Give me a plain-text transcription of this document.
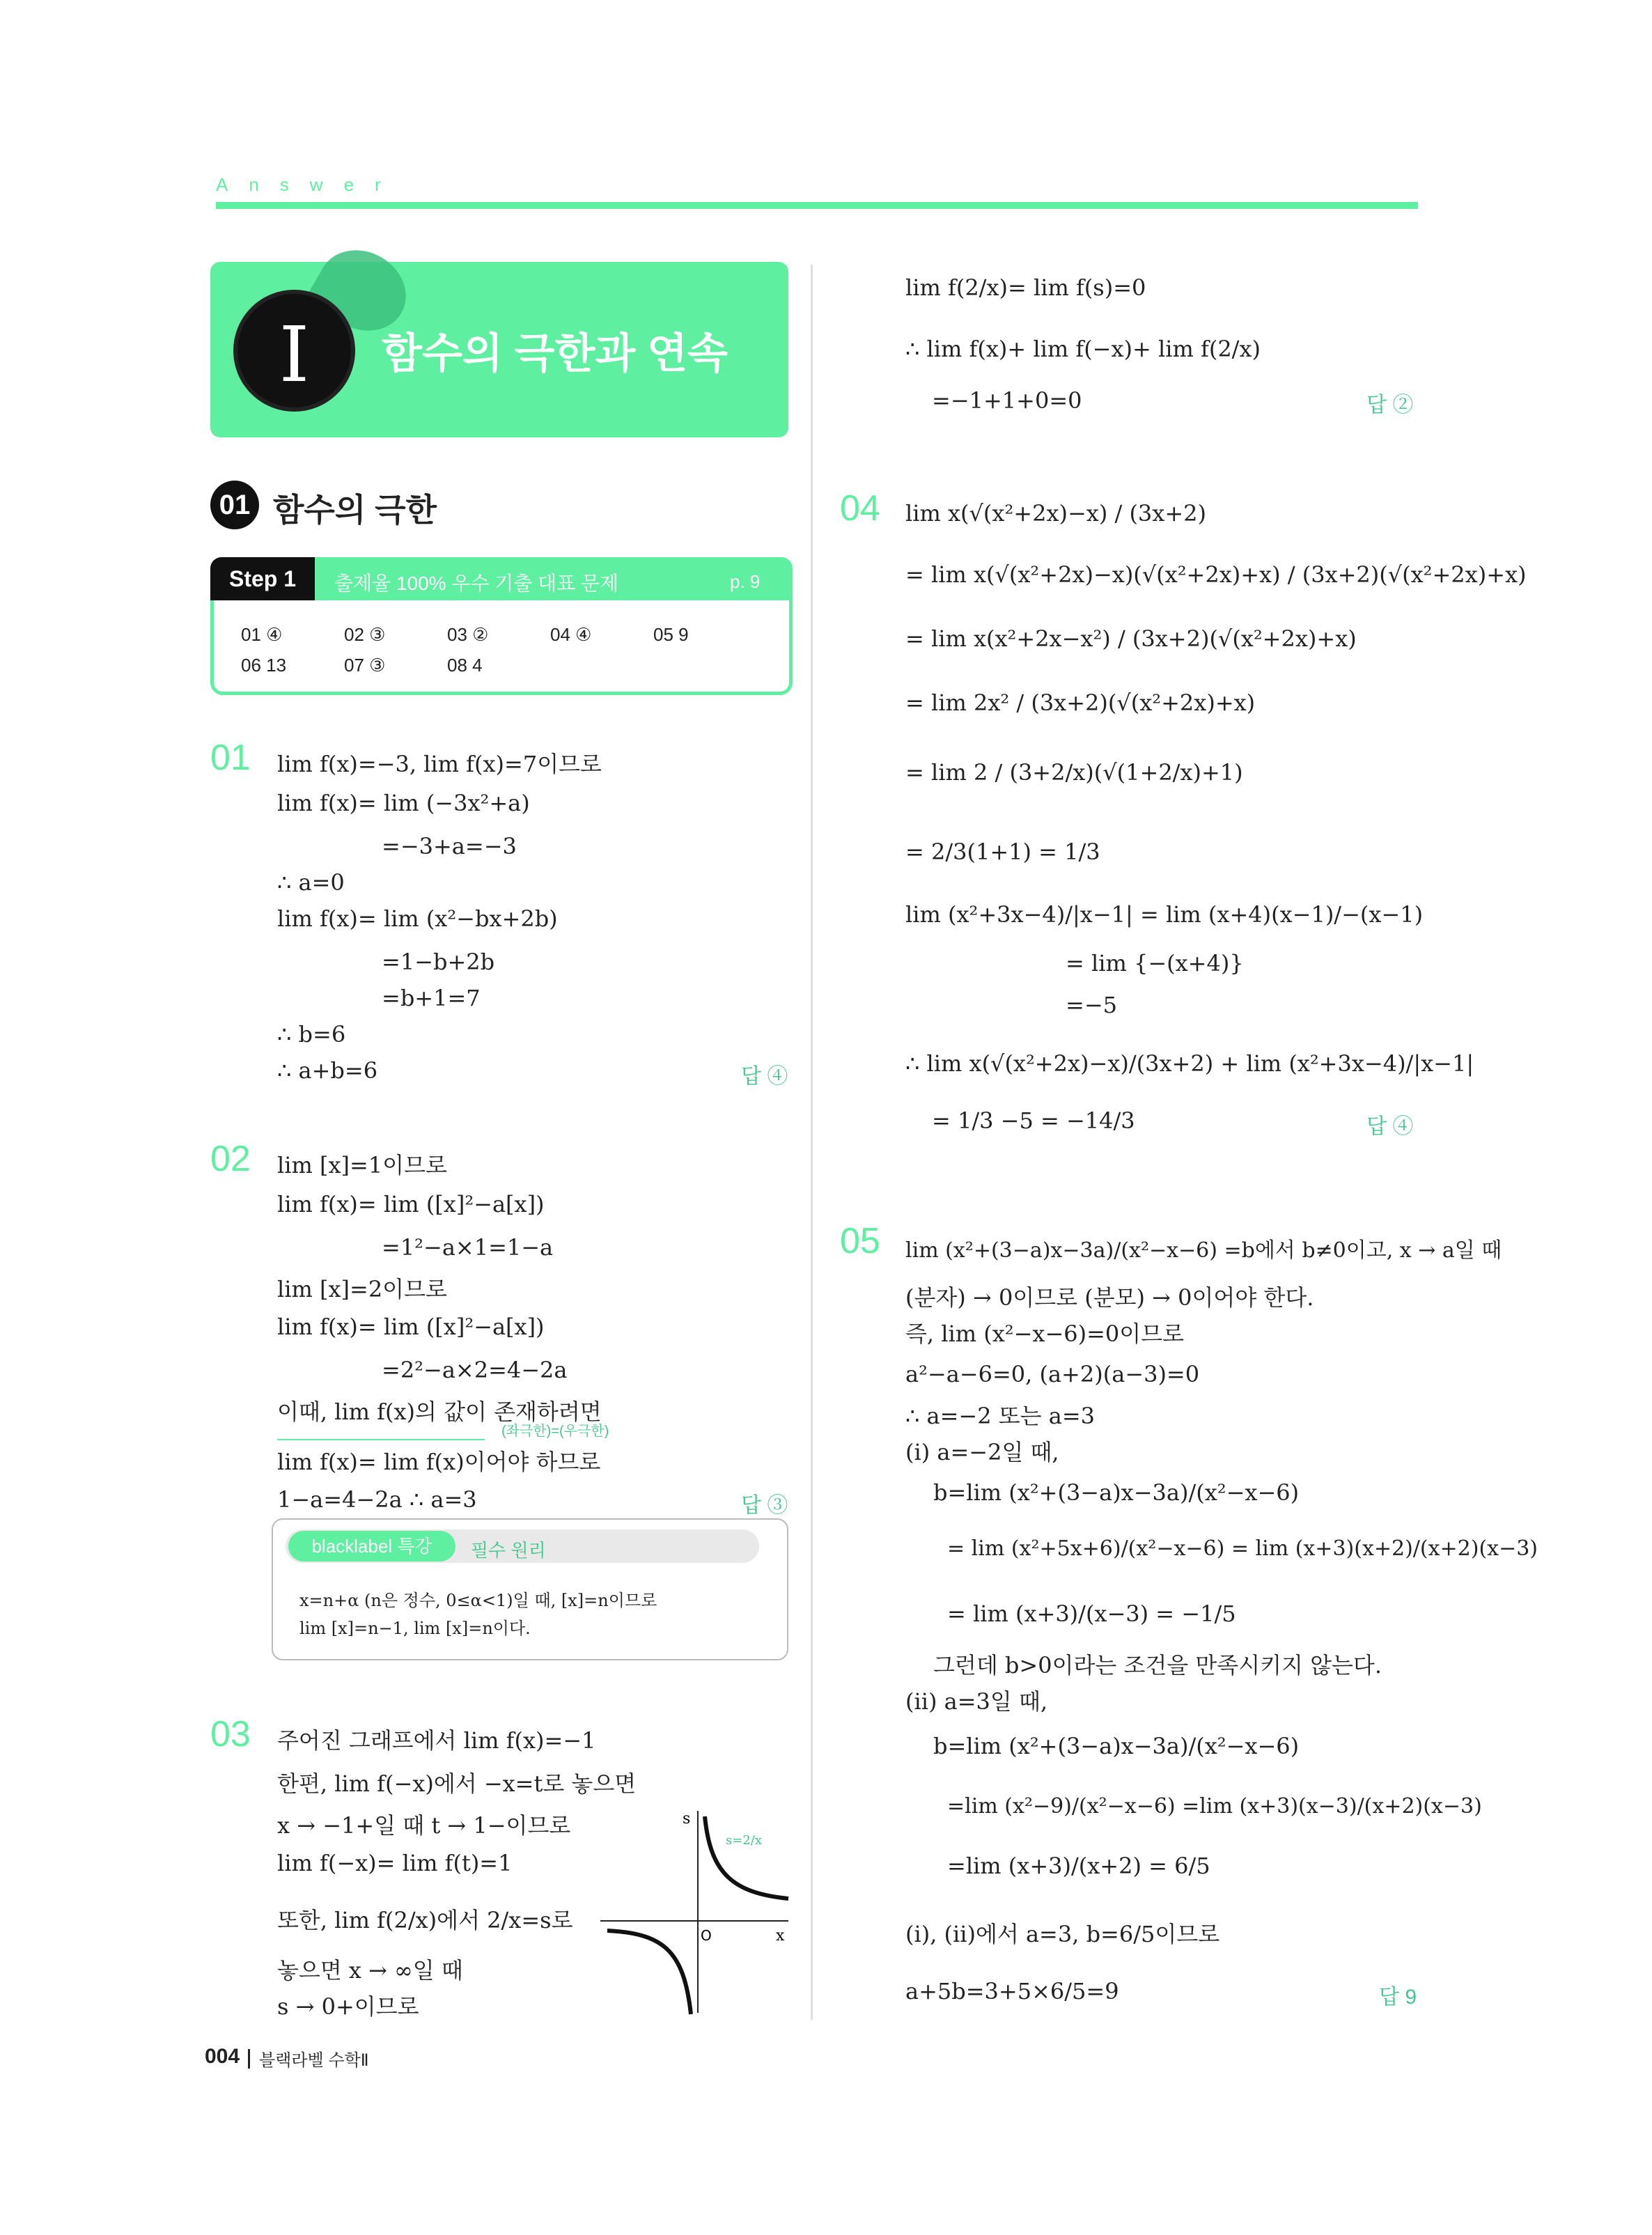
Answer
I	함수의 극한과 연속
01 함수의 극한
Step 1	출제율 100% 우수 기출 대표 문제	p. 9
01 ④	02 ③	03 ②	04 ④	05 9
06 13	07 ③	08 4
01 lim f(x)=−3, lim f(x)=7이므로
lim f(x)= lim (−3x²+a)
=−3+a=−3
∴ a=0
lim f(x)= lim (x²−bx+2b)
=1−b+2b
=b+1=7
∴ b=6
∴ a+b=6	답 ④
02 lim [x]=1이므로
lim f(x)= lim ([x]²−a[x])
=1²−a×1=1−a
lim [x]=2이므로
lim f(x)= lim ([x]²−a[x])
=2²−a×2=4−2a
이때, lim f(x)의 값이 존재하려면
(좌극한)=(우극한)
lim f(x)= lim f(x)이어야 하므로
1−a=4−2a ∴ a=3	답 ③
blacklabel 특강	필수 원리
x=n+α (n은 정수, 0≤α<1)일 때, [x]=n이므로
lim [x]=n−1, lim [x]=n이다.
03 주어진 그래프에서 lim f(x)=−1
한편, lim f(−x)에서 −x=t로 놓으면
x → −1+일 때 t → 1−이므로
lim f(−x)= lim f(t)=1
또한, lim f(2/x)에서 2/x=s로
놓으면 x → ∞일 때
s → 0+이므로
s
x
O
s=2/x
lim f(2/x)= lim f(s)=0
∴ lim f(x)+ lim f(−x)+ lim f(2/x)
=−1+1+0=0	답 ②
04 lim x(√(x²+2x)−x) / (3x+2)
= lim x(√(x²+2x)−x)(√(x²+2x)+x) / (3x+2)(√(x²+2x)+x)
= lim x(x²+2x−x²) / (3x+2)(√(x²+2x)+x)
= lim 2x² / (3x+2)(√(x²+2x)+x)
= lim 2 / (3+2/x)(√(1+2/x)+1)
= 2/3(1+1) = 1/3
lim (x²+3x−4)/|x−1| = lim (x+4)(x−1)/−(x−1)
= lim {−(x+4)}
=−5
∴ lim x(√(x²+2x)−x)/(3x+2) + lim (x²+3x−4)/|x−1|
= 1/3 −5 = −14/3	답 ④
05 lim (x²+(3−a)x−3a)/(x²−x−6) =b에서 b≠0이고, x → a일 때
(분자) → 0이므로 (분모) → 0이어야 한다.
즉, lim (x²−x−6)=0이므로
a²−a−6=0, (a+2)(a−3)=0
∴ a=−2 또는 a=3
(ⅰ) a=−2일 때,
b=lim (x²+(3−a)x−3a)/(x²−x−6)
= lim (x²+5x+6)/(x²−x−6) = lim (x+3)(x+2)/(x+2)(x−3)
= lim (x+3)/(x−3) = −1/5
그런데 b>0이라는 조건을 만족시키지 않는다.
(ⅱ) a=3일 때,
b=lim (x²+(3−a)x−3a)/(x²−x−6)
=lim (x²−9)/(x²−x−6) =lim (x+3)(x−3)/(x+2)(x−3)
=lim (x+3)/(x+2) = 6/5
(ⅰ), (ⅱ)에서 a=3, b=6/5이므로
a+5b=3+5×6/5=9	답 9
004 블랙라벨 수학Ⅱ
